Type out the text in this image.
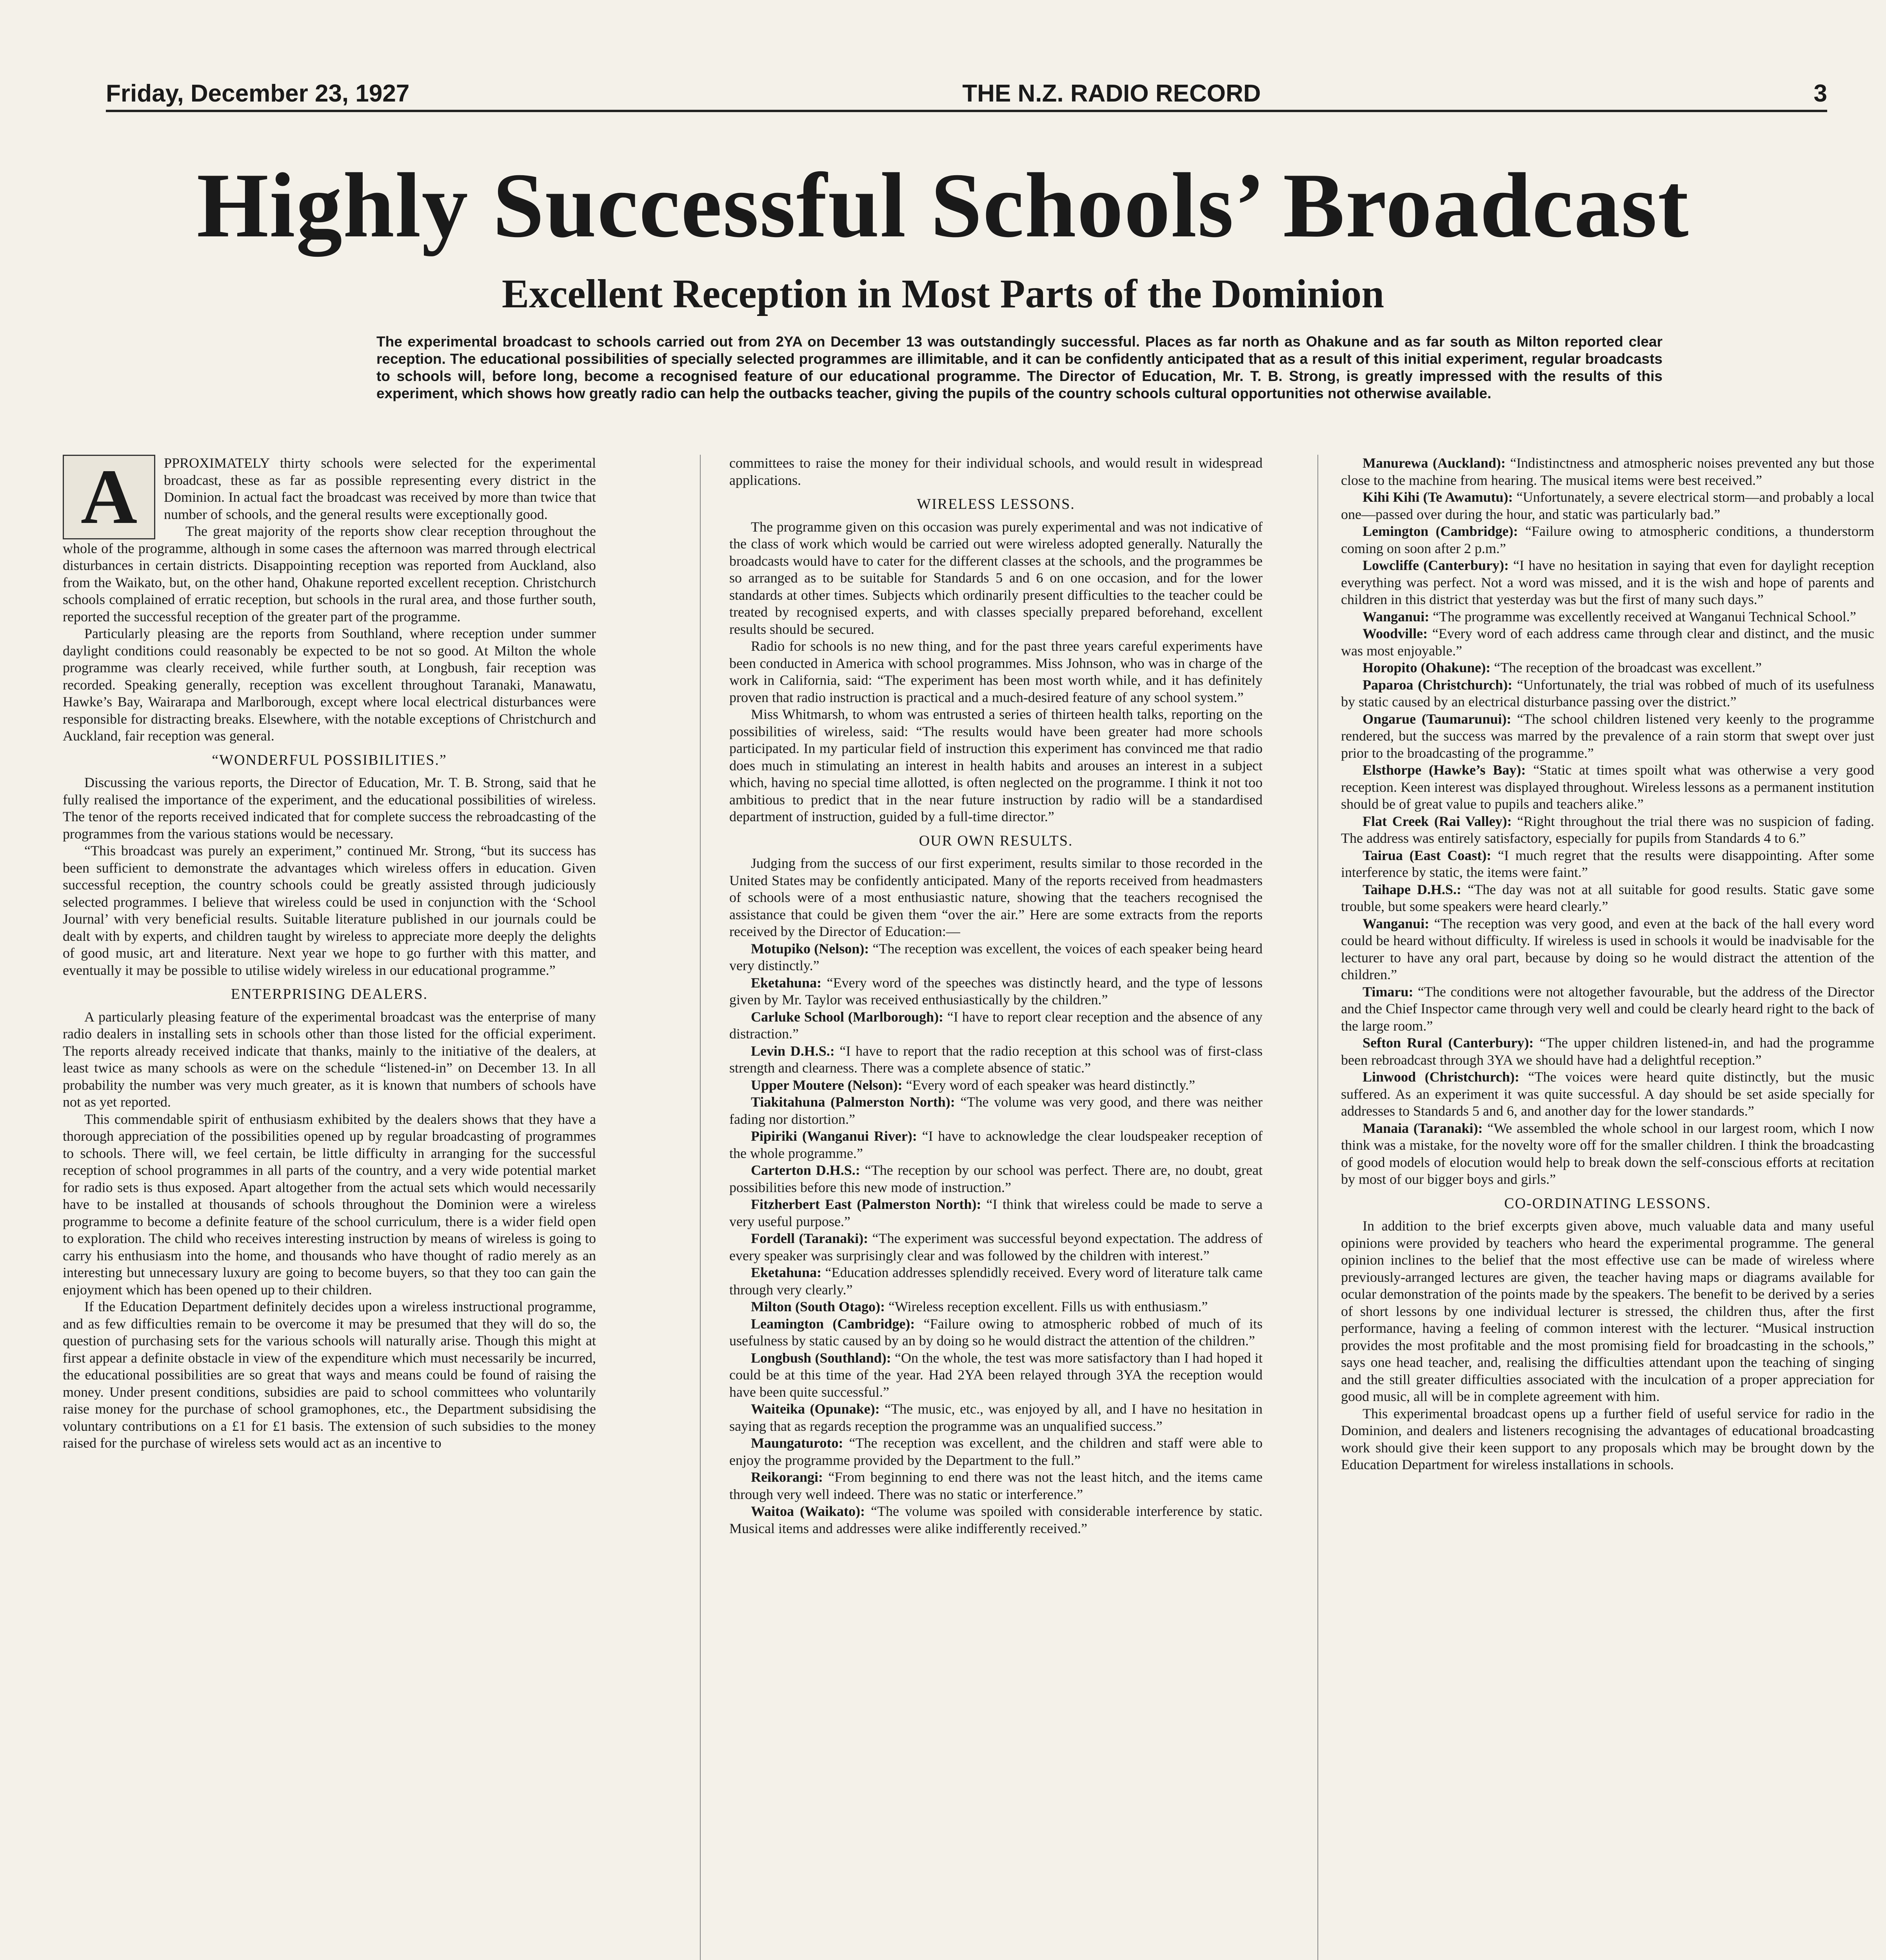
Friday, December 23, 1927	THE N.Z. RADIO RECORD	3
Highly Successful Schools’ Broadcast
Excellent Reception in Most Parts of the Dominion
The experimental broadcast to schools carried out from 2YA on December 13 was outstandingly successful. Places as far north as Ohakune and as far south as Milton reported clear reception. The educational possibilities of specially selected programmes are illimitable, and it can be confidently anticipated that as a result of this initial experiment, regular broadcasts to schools will, before long, become a recognised feature of our educational programme. The Director of Education, Mr. T. B. Strong, is greatly impressed with the results of this experiment, which shows how greatly radio can help the outbacks teacher, giving the pupils of the country schools cultural opportunities not otherwise available.
A	PPROXIMATELY thirty schools were selected for the experimental broadcast, these as far as possible representing every district in the Dominion. In actual fact the broadcast was received by more than twice that number of schools, and the general results were exceptionally good.

The great majority of the reports show clear reception throughout the whole of the programme, although in some cases the afternoon was marred through electrical disturbances in certain districts. Disappointing reception was reported from Auckland, also from the Waikato, but, on the other hand, Ohakune reported excellent reception. Christchurch schools complained of erratic reception, but schools in the rural area, and those further south, reported the successful reception of the greater part of the programme.

Particularly pleasing are the reports from Southland, where reception under summer daylight conditions could reasonably be expected to be not so good. At Milton the whole programme was clearly received, while further south, at Longbush, fair reception was recorded. Speaking generally, reception was excellent throughout Taranaki, Manawatu, Hawke’s Bay, Wairarapa and Marlborough, except where local electrical disturbances were responsible for distracting breaks. Elsewhere, with the notable exceptions of Christchurch and Auckland, fair reception was general.

“WONDERFUL POSSIBILITIES.”

Discussing the various reports, the Director of Education, Mr. T. B. Strong, said that he fully realised the importance of the experiment, and the educational possibilities of wireless. The tenor of the reports received indicated that for complete success the rebroadcasting of the programmes from the various stations would be necessary.

“This broadcast was purely an experiment,” continued Mr. Strong, “but its success has been sufficient to demonstrate the advantages which wireless offers in education. Given successful reception, the country schools could be greatly assisted through judiciously selected programmes. I believe that wireless could be used in conjunction with the ‘School Journal’ with very beneficial results. Suitable literature published in our journals could be dealt with by experts, and children taught by wireless to appreciate more deeply the delights of good music, art and literature. Next year we hope to go further with this matter, and eventually it may be possible to utilise widely wireless in our educational programme.”

ENTERPRISING DEALERS.

A particularly pleasing feature of the experimental broadcast was the enterprise of many radio dealers in installing sets in schools other than those listed for the official experiment. The reports already received indicate that thanks, mainly to the initiative of the dealers, at least twice as many schools as were on the schedule “listened-in” on December 13. In all probability the number was very much greater, as it is known that numbers of schools have not as yet reported.

This commendable spirit of enthusiasm exhibited by the dealers shows that they have a thorough appreciation of the possibilities opened up by regular broadcasting of programmes to schools. There will, we feel certain, be little difficulty in arranging for the successful reception of school programmes in all parts of the country, and a very wide potential market for radio sets is thus exposed. Apart altogether from the actual sets which would necessarily have to be installed at thousands of schools throughout the Dominion were a wireless programme to become a definite feature of the school curriculum, there is a wider field open to exploration. The child who receives interesting instruction by means of wireless is going to carry his enthusiasm into the home, and thousands who have thought of radio merely as an interesting but unnecessary luxury are going to become buyers, so that they too can gain the enjoyment which has been opened up to their children.

If the Education Department definitely decides upon a wireless instructional programme, and as few difficulties remain to be overcome it may be presumed that they will do so, the question of purchasing sets for the various schools will naturally arise. Though this might at first appear a definite obstacle in view of the expenditure which must necessarily be incurred, the educational possibilities are so great that ways and means could be found of raising the money. Under present conditions, subsidies are paid to school committees who voluntarily raise money for the purchase of school gramophones, etc., the Department subsidising the voluntary contributions on a £1 for £1 basis. The extension of such subsidies to the money raised for the purchase of wireless sets would act as an incentive to

committees to raise the money for their individual schools, and would result in widespread applications.

WIRELESS LESSONS.

The programme given on this occasion was purely experimental and was not indicative of the class of work which would be carried out were wireless adopted generally. Naturally the broadcasts would have to cater for the different classes at the schools, and the programmes be so arranged as to be suitable for Standards 5 and 6 on one occasion, and for the lower standards at other times. Subjects which ordinarily present difficulties to the teacher could be treated by recognised experts, and with classes specially prepared beforehand, excellent results should be secured.

Radio for schools is no new thing, and for the past three years careful experiments have been conducted in America with school programmes. Miss Johnson, who was in charge of the work in California, said: “The experiment has been most worth while, and it has definitely proven that radio instruction is practical and a much-desired feature of any school system.”

Miss Whitmarsh, to whom was entrusted a series of thirteen health talks, reporting on the possibilities of wireless, said: “The results would have been greater had more schools participated. In my particular field of instruction this experiment has convinced me that radio does much in stimulating an interest in health habits and arouses an interest in a subject which, having no special time allotted, is often neglected on the programme. I think it not too ambitious to predict that in the near future instruction by radio will be a standardised department of instruction, guided by a full-time director.”

OUR OWN RESULTS.

Judging from the success of our first experiment, results similar to those recorded in the United States may be confidently anticipated. Many of the reports received from headmasters of schools were of a most enthusiastic nature, showing that the teachers recognised the assistance that could be given them “over the air.” Here are some extracts from the reports received by the Director of Education:—

Motupiko (Nelson): “The reception was excellent, the voices of each speaker being heard very distinctly.”

Eketahuna: “Every word of the speeches was distinctly heard, and the type of lessons given by Mr. Taylor was received enthusiastically by the children.”

Carluke School (Marlborough): “I have to report clear reception and the absence of any distraction.”

Levin D.H.S.: “I have to report that the radio reception at this school was of first-class strength and clearness. There was a complete absence of static.”

Upper Moutere (Nelson): “Every word of each speaker was heard distinctly.”

Tiakitahuna (Palmerston North): “The volume was very good, and there was neither fading nor distortion.”

Pipiriki (Wanganui River): “I have to acknowledge the clear loudspeaker reception of the whole programme.”

Carterton D.H.S.: “The reception by our school was perfect. There are, no doubt, great possibilities before this new mode of instruction.”

Fitzherbert East (Palmerston North): “I think that wireless could be made to serve a very useful purpose.”

Fordell (Taranaki): “The experiment was successful beyond expectation. The address of every speaker was surprisingly clear and was followed by the children with interest.”

Eketahuna: “Education addresses splendidly received. Every word of literature talk came through very clearly.”

Milton (South Otago): “Wireless reception excellent. Fills us with enthusiasm.”

Leamington (Cambridge): “Failure owing to atmospheric robbed of much of its usefulness by static caused by an by doing so he would distract the attention of the children.”

Longbush (Southland): “On the whole, the test was more satisfactory than I had hoped it could be at this time of the year. Had 2YA been relayed through 3YA the reception would have been quite successful.”

Waiteika (Opunake): “The music, etc., was enjoyed by all, and I have no hesitation in saying that as regards reception the programme was an unqualified success.”

Maungaturoto: “The reception was excellent, and the children and staff were able to enjoy the programme provided by the Department to the full.”

Reikorangi: “From beginning to end there was not the least hitch, and the items came through very well indeed. There was no static or interference.”

Waitoa (Waikato): “The volume was spoiled with considerable interference by static. Musical items and addresses were alike indifferently received.”

Manurewa (Auckland): “Indistinctness and atmospheric noises prevented any but those close to the machine from hearing. The musical items were best received.”

Kihi Kihi (Te Awamutu): “Unfortunately, a severe electrical storm—and probably a local one—passed over during the hour, and static was particularly bad.”

Lemington (Cambridge): “Failure owing to atmospheric conditions, a thunderstorm coming on soon after 2 p.m.”

Lowcliffe (Canterbury): “I have no hesitation in saying that even for daylight reception everything was perfect. Not a word was missed, and it is the wish and hope of parents and children in this district that yesterday was but the first of many such days.”

Wanganui: “The programme was excellently received at Wanganui Technical School.”

Woodville: “Every word of each address came through clear and distinct, and the music was most enjoyable.”

Horopito (Ohakune): “The reception of the broadcast was excellent.”

Paparoa (Christchurch): “Unfortunately, the trial was robbed of much of its usefulness by static caused by an electrical disturbance passing over the district.”

Ongarue (Taumarunui): “The school children listened very keenly to the programme rendered, but the success was marred by the prevalence of a rain storm that swept over just prior to the broadcasting of the programme.”

Elsthorpe (Hawke’s Bay): “Static at times spoilt what was otherwise a very good reception. Keen interest was displayed throughout. Wireless lessons as a permanent institution should be of great value to pupils and teachers alike.”

Flat Creek (Rai Valley): “Right throughout the trial there was no suspicion of fading. The address was entirely satisfactory, especially for pupils from Standards 4 to 6.”

Tairua (East Coast): “I much regret that the results were disappointing. After some interference by static, the items were faint.”

Taihape D.H.S.: “The day was not at all suitable for good results. Static gave some trouble, but some speakers were heard clearly.”

Wanganui: “The reception was very good, and even at the back of the hall every word could be heard without difficulty. If wireless is used in schools it would be inadvisable for the lecturer to have any oral part, because by doing so he would distract the attention of the children.”

Timaru: “The conditions were not altogether favourable, but the address of the Director and the Chief Inspector came through very well and could be clearly heard right to the back of the large room.”

Sefton Rural (Canterbury): “The upper children listened-in, and had the programme been rebroadcast through 3YA we should have had a delightful reception.”

Linwood (Christchurch): “The voices were heard quite distinctly, but the music suffered. As an experiment it was quite successful. A day should be set aside specially for addresses to Standards 5 and 6, and another day for the lower standards.”

Manaia (Taranaki): “We assembled the whole school in our largest room, which I now think was a mistake, for the novelty wore off for the smaller children. I think the broadcasting of good models of elocution would help to break down the self-conscious efforts at recitation by most of our bigger boys and girls.”

CO-ORDINATING LESSONS.

In addition to the brief excerpts given above, much valuable data and many useful opinions were provided by teachers who heard the experimental programme. The general opinion inclines to the belief that the most effective use can be made of wireless where previously-arranged lectures are given, the teacher having maps or diagrams available for ocular demonstration of the points made by the speakers. The benefit to be derived by a series of short lessons by one individual lecturer is stressed, the children thus, after the first performance, having a feeling of common interest with the lecturer. “Musical instruction provides the most profitable and the most promising field for broadcasting in the schools,” says one head teacher, and, realising the difficulties attendant upon the teaching of singing and the still greater difficulties associated with the inculcation of a proper appreciation for good music, all will be in complete agreement with him.

This experimental broadcast opens up a further field of useful service for radio in the Dominion, and dealers and listeners recognising the advantages of educational broadcasting work should give their keen support to any proposals which may be brought down by the Education Department for wireless installations in schools.
